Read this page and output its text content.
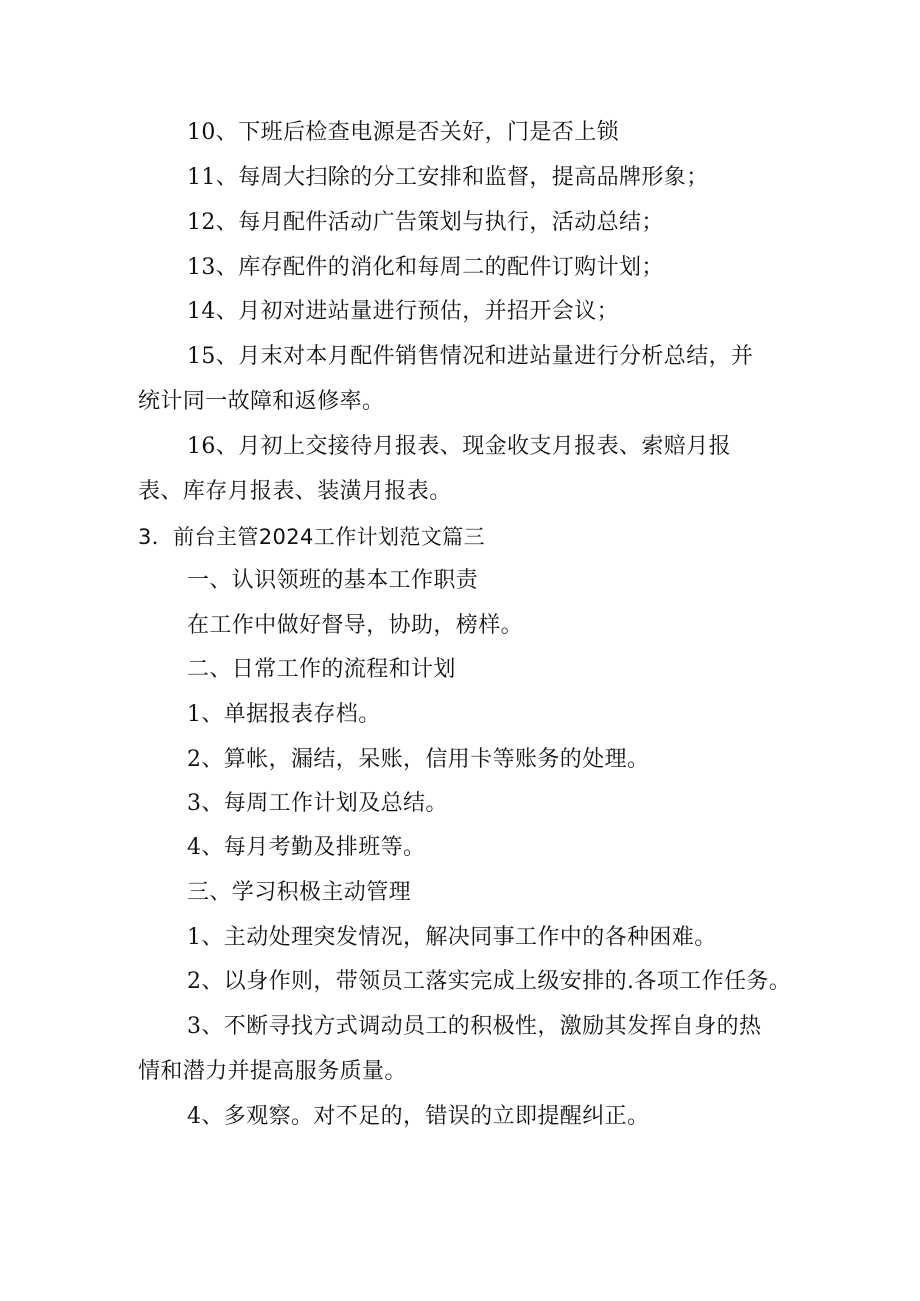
10、下班后检查电源是否关好，门是否上锁
11、每周大扫除的分工安排和监督，提高品牌形象；
12、每月配件活动广告策划与执行，活动总结；
13、库存配件的消化和每周二的配件订购计划；
14、月初对进站量进行预估，并招开会议；
15、月末对本月配件销售情况和进站量进行分析总结，并
统计同一故障和返修率。
16、月初上交接待月报表、现金收支月报表、索赔月报
表、库存月报表、装潢月报表。
3．前台主管2024工作计划范文篇三
一、认识领班的基本工作职责
在工作中做好督导，协助，榜样。
二、日常工作的流程和计划
1、单据报表存档。
2、算帐，漏结，呆账，信用卡等账务的处理。
3、每周工作计划及总结。
4、每月考勤及排班等。
三、学习积极主动管理
1、主动处理突发情况，解决同事工作中的各种困难。
2、以身作则，带领员工落实完成上级安排的.各项工作任务。
3、不断寻找方式调动员工的积极性，激励其发挥自身的热
情和潜力并提高服务质量。
4、多观察。对不足的，错误的立即提醒纠正。
